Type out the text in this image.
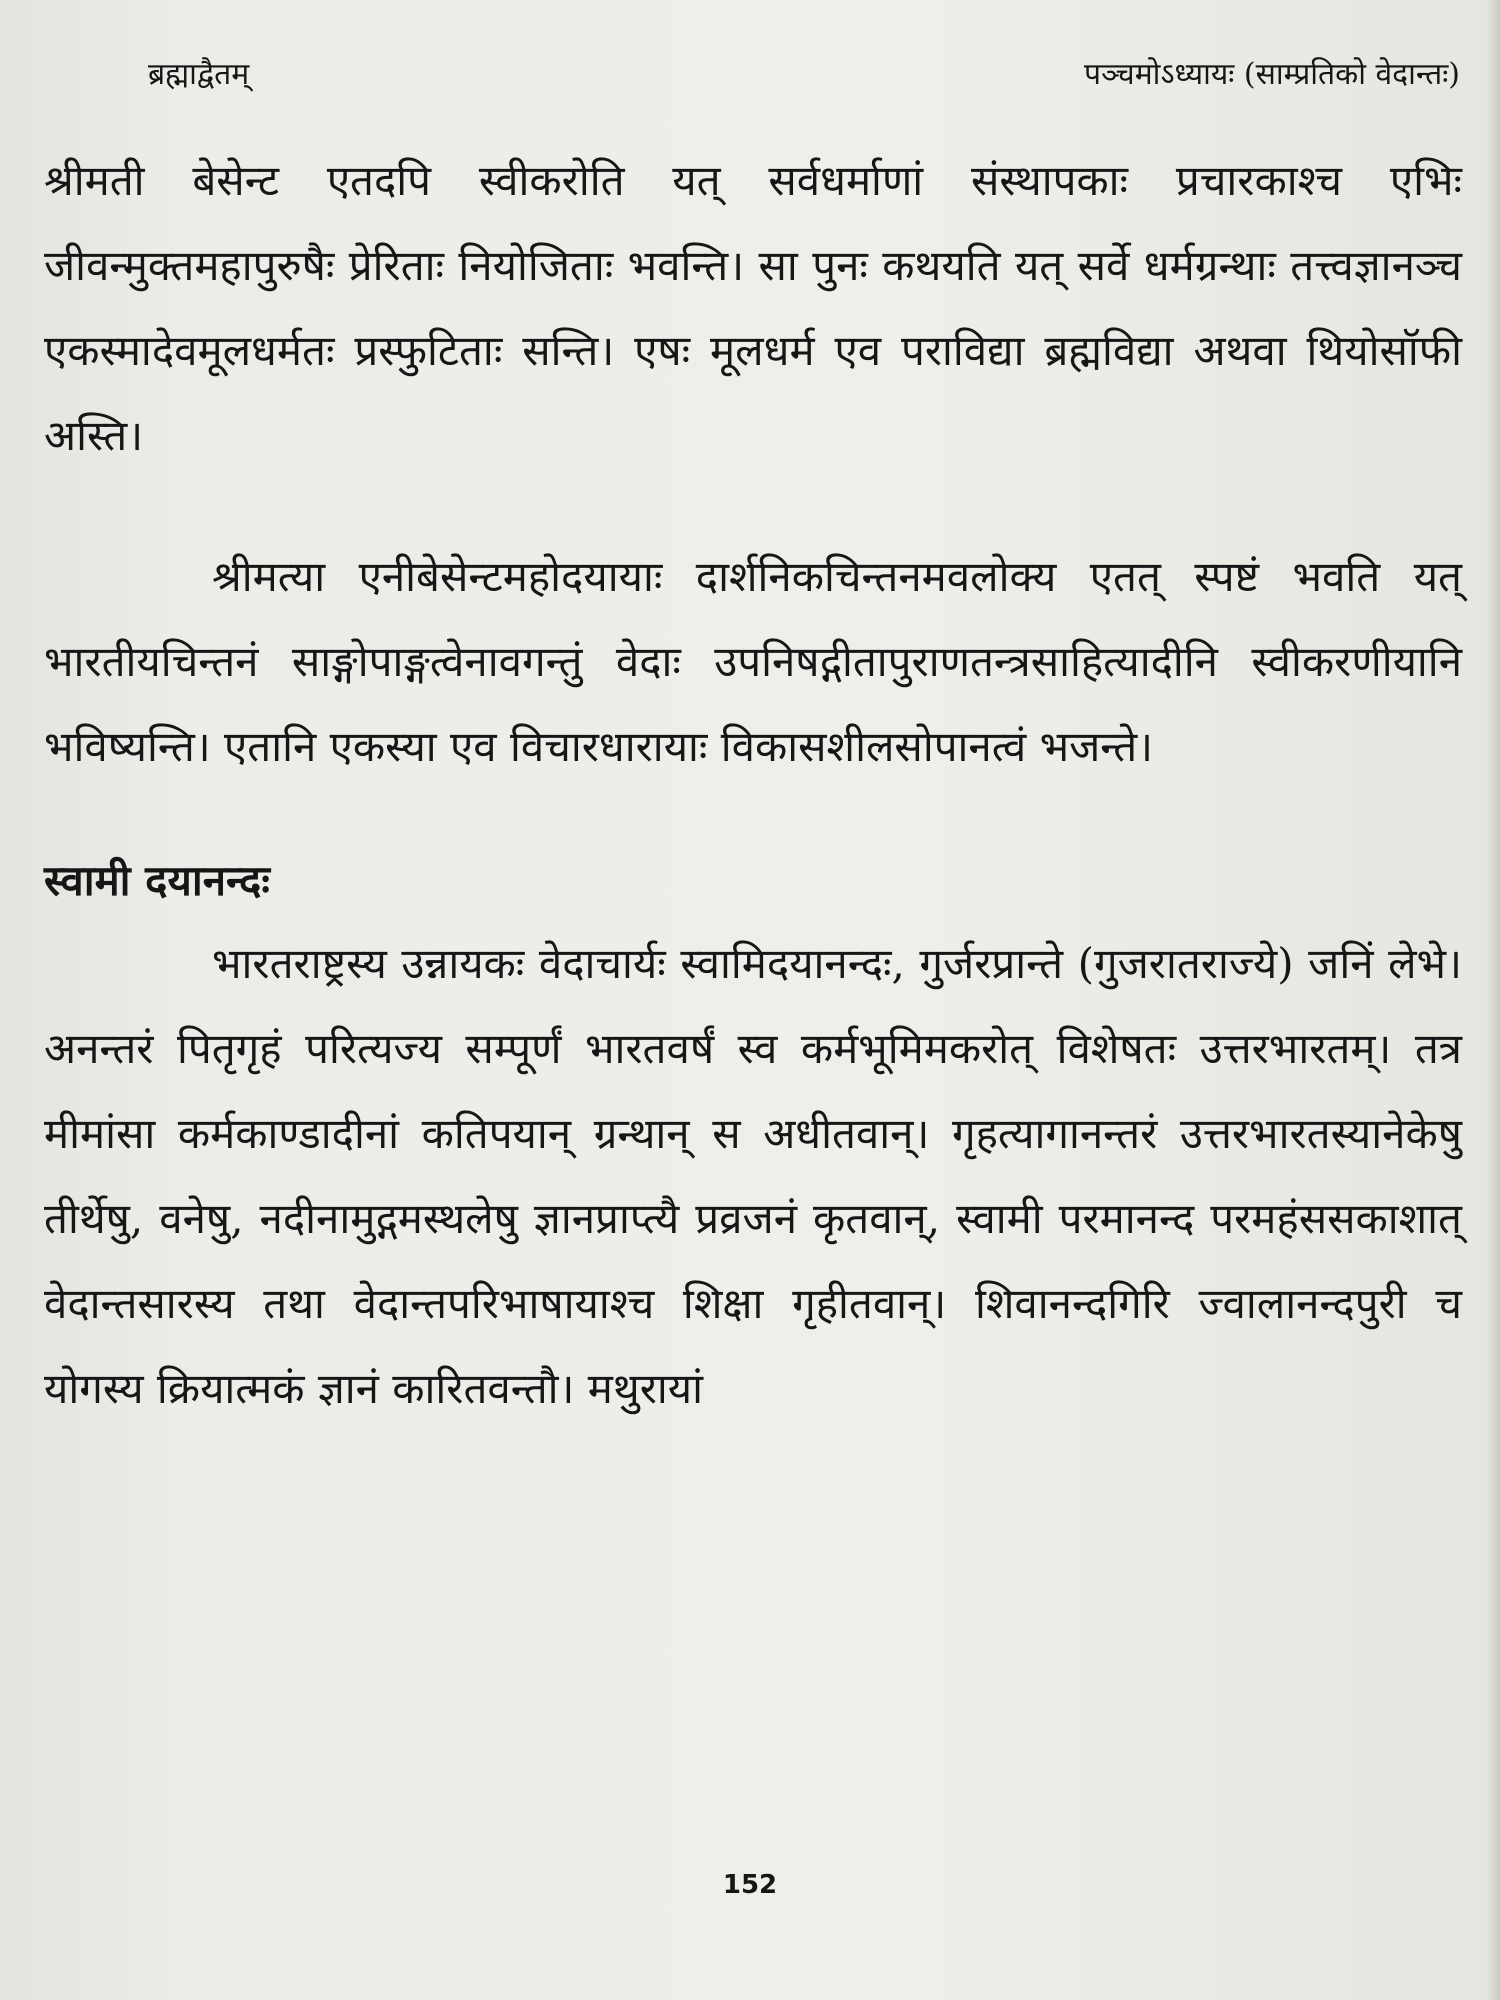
ब्रह्माद्वैतम्	पञ्चमोऽध्यायः (साम्प्रतिको वेदान्तः)

श्रीमती बेसेन्ट एतदपि स्वीकरोति यत् सर्वधर्माणां संस्थापकाः प्रचारकाश्च एभिः जीवन्मुक्तमहापुरुषैः प्रेरिताः नियोजिताः भवन्ति। सा पुनः कथयति यत् सर्वे धर्मग्रन्थाः तत्त्वज्ञानञ्च एकस्मादेवमूलधर्मतः प्रस्फुटिताः सन्ति। एषः मूलधर्म एव पराविद्या ब्रह्मविद्या अथवा थियोसॉफी अस्ति।

श्रीमत्या एनीबेसेन्टमहोदयायाः दार्शनिकचिन्तनमवलोक्य एतत् स्पष्टं भवति यत् भारतीयचिन्तनं साङ्गोपाङ्गत्वेनावगन्तुं वेदाः उपनिषद्गीतापुराणतन्त्रसाहित्यादीनि स्वीकरणीयानि भविष्यन्ति। एतानि एकस्या एव विचारधारायाः विकासशीलसोपानत्वं भजन्ते।

स्वामी दयानन्दः

भारतराष्ट्रस्य उन्नायकः वेदाचार्यः स्वामिदयानन्दः, गुर्जरप्रान्ते (गुजरातराज्ये) जनिं लेभे। अनन्तरं पितृगृहं परित्यज्य सम्पूर्णं भारतवर्षं स्व कर्मभूमिमकरोत् विशेषतः उत्तरभारतम्। तत्र मीमांसा कर्मकाण्डादीनां कतिपयान् ग्रन्थान् स अधीतवान्। गृहत्यागानन्तरं उत्तरभारतस्यानेकेषु तीर्थेषु, वनेषु, नदीनामुद्गमस्थलेषु ज्ञानप्राप्त्यै प्रव्रजनं कृतवान्, स्वामी परमानन्द परमहंससकाशात् वेदान्तसारस्य तथा वेदान्तपरिभाषायाश्च शिक्षा गृहीतवान्। शिवानन्दगिरि ज्वालानन्दपुरी च योगस्य क्रियात्मकं ज्ञानं कारितवन्तौ। मथुरायां

152
